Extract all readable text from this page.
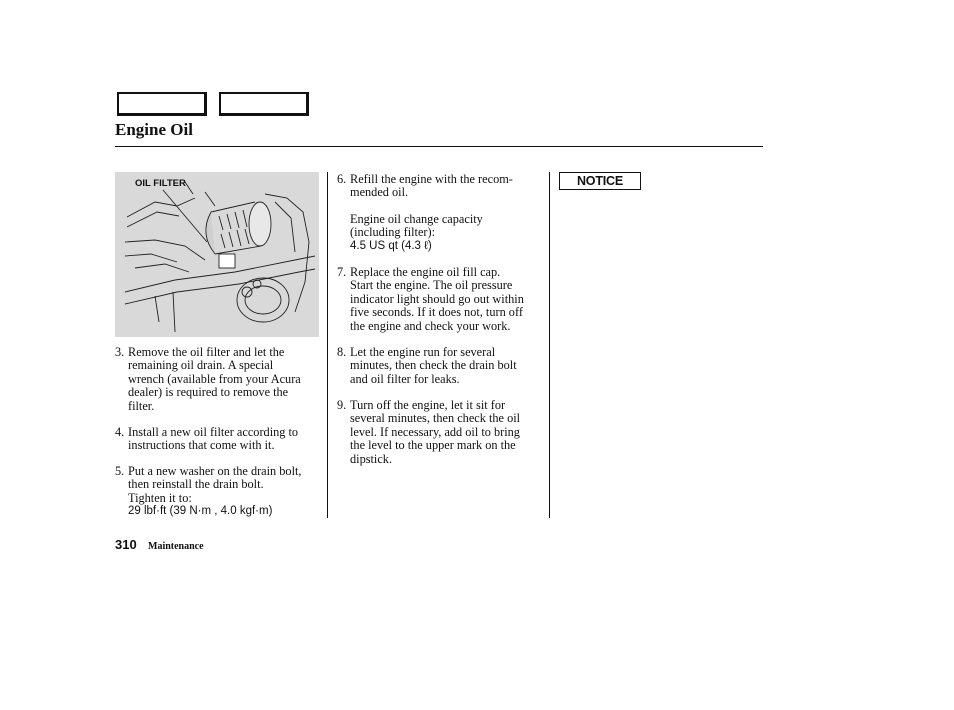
Engine Oil
OIL FILTER
3. Remove the oil filter and let the
remaining oil drain. A special
wrench (available from your Acura
dealer) is required to remove the
filter.
4. Install a new oil filter according to
instructions that come with it.
5. Put a new washer on the drain bolt,
then reinstall the drain bolt.
Tighten it to:
29 lbf·ft (39 N·m , 4.0 kgf·m)
6. Refill the engine with the recom-
mended oil.
Engine oil change capacity
(including filter):
4.5 US qt (4.3 ℓ)
7. Replace the engine oil fill cap.
Start the engine. The oil pressure
indicator light should go out within
five seconds. If it does not, turn off
the engine and check your work.
8. Let the engine run for several
minutes, then check the drain bolt
and oil filter for leaks.
9. Turn off the engine, let it sit for
several minutes, then check the oil
level. If necessary, add oil to bring
the level to the upper mark on the
dipstick.
NOTICE
310 Maintenance
